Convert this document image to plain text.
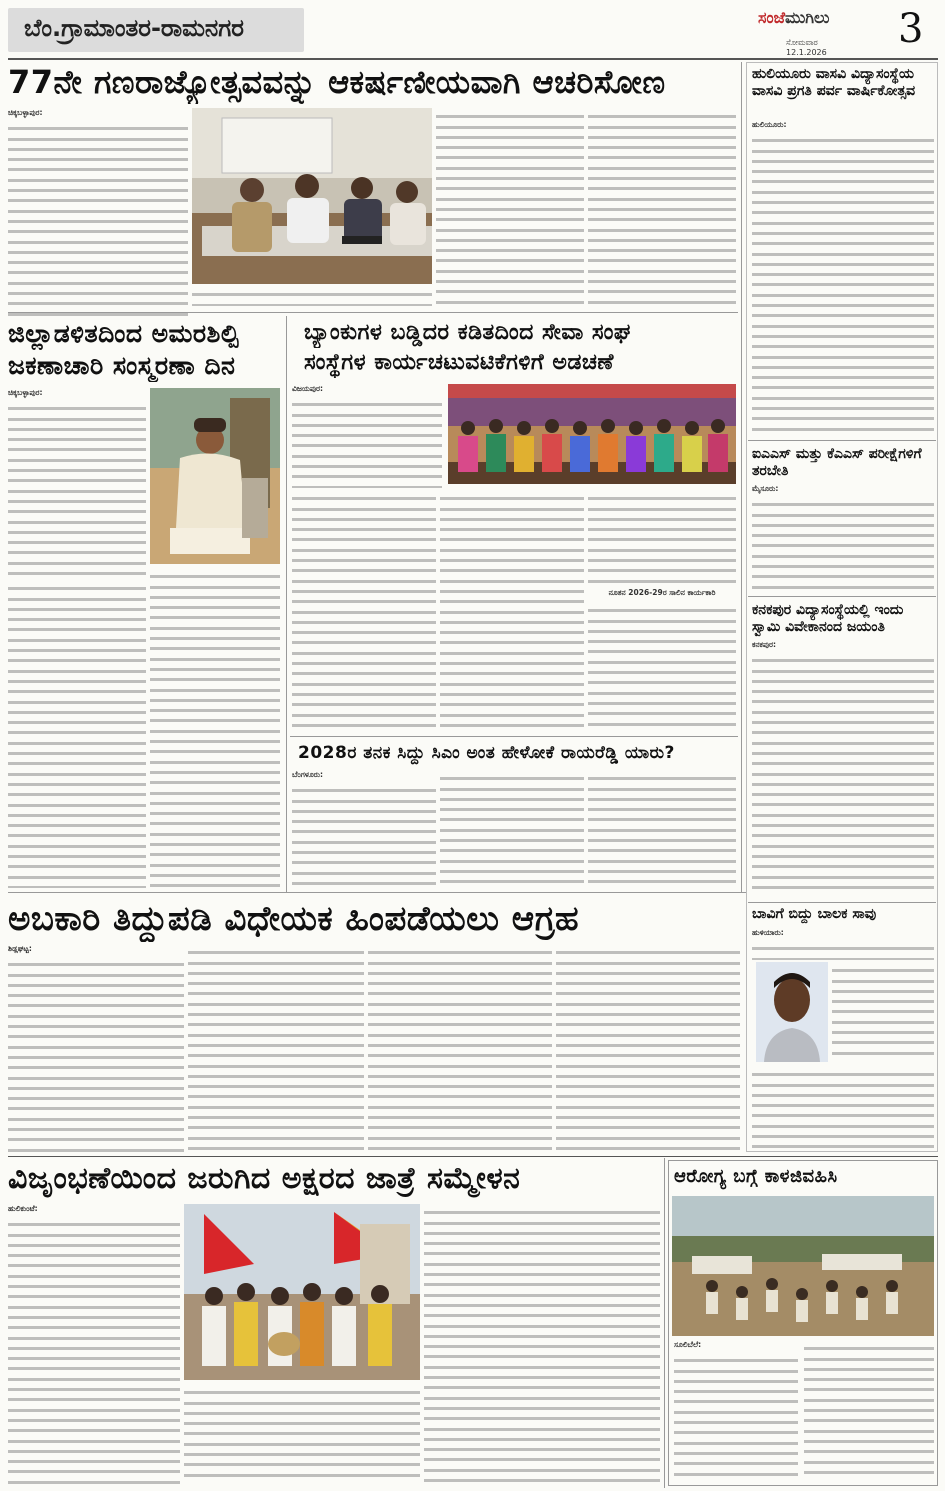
ಬೆಂ.ಗ್ರಾಮಾಂತರ-ರಾಮನಗರ	ಸಂಜೆಮುಗಿಲು
ಸೋಮವಾರ
12.1.2026
3
77ನೇ ಗಣರಾಜ್ಯೋತ್ಸವವನ್ನು ಆಕರ್ಷಣೀಯವಾಗಿ ಆಚರಿಸೋಣ
ಚಿಕ್ಕಬಳ್ಳಾಪುರ:
ಜಿಲ್ಲಾಡಳಿತದಿಂದ ಅಮರಶಿಲ್ಪಿ
ಜಕಣಾಚಾರಿ ಸಂಸ್ಮರಣಾ ದಿನ
ಚಿಕ್ಕಬಳ್ಳಾಪುರ:
ಬ್ಯಾಂಕುಗಳ ಬಡ್ಡಿದರ ಕಡಿತದಿಂದ ಸೇವಾ ಸಂಘ
ಸಂಸ್ಥೆಗಳ ಕಾರ್ಯಚಟುವಟಿಕೆಗಳಿಗೆ ಅಡಚಣೆ
ವಿಜಯಪುರ:
ನೂತನ 2026-29ರ ಸಾಲಿನ ಕಾರ್ಯಕಾರಿ
2028ರ ತನಕ ಸಿದ್ದು ಸಿಎಂ ಅಂತ ಹೇಳೋಕೆ ರಾಯರೆಡ್ಡಿ ಯಾರು?
ಬೆಂಗಳೂರು:
ಹುಲಿಯೂರು ವಾಸವಿ ವಿದ್ಯಾಸಂಸ್ಥೆಯ ವಾಸವಿ ಪ್ರಗತಿ ಪರ್ವ ವಾರ್ಷಿಕೋತ್ಸವ
ಹುಲಿಯೂರು:
ಐಎಎಸ್ ಮತ್ತು ಕೆಎಎಸ್ ಪರೀಕ್ಷೆಗಳಿಗೆ ತರಬೇತಿ
ಮೈಸೂರು:
ಕನಕಪುರ ವಿದ್ಯಾಸಂಸ್ಥೆಯಲ್ಲಿ ಇಂದು ಸ್ವಾಮಿ ವಿವೇಕಾನಂದ ಜಯಂತಿ
ಕನಕಪುರ:
ಬಾವಿಗೆ ಬಿದ್ದು ಬಾಲಕ ಸಾವು
ಹುಳಿಯಾರು:
ಅಬಕಾರಿ ತಿದ್ದುಪಡಿ ವಿಧೇಯಕ ಹಿಂಪಡೆಯಲು ಆಗ್ರಹ
ಶಿಡ್ಲಘಟ್ಟ:
ವಿಜೃಂಭಣೆಯಿಂದ ಜರುಗಿದ ಅಕ್ಷರದ ಜಾತ್ರೆ ಸಮ್ಮೇಳನ
ಹುಲಿಕುಂಟೆ:
ಆರೋಗ್ಯ ಬಗ್ಗೆ ಕಾಳಜಿವಹಿಸಿ
ಸೂಲಿಬೆಲೆ:
